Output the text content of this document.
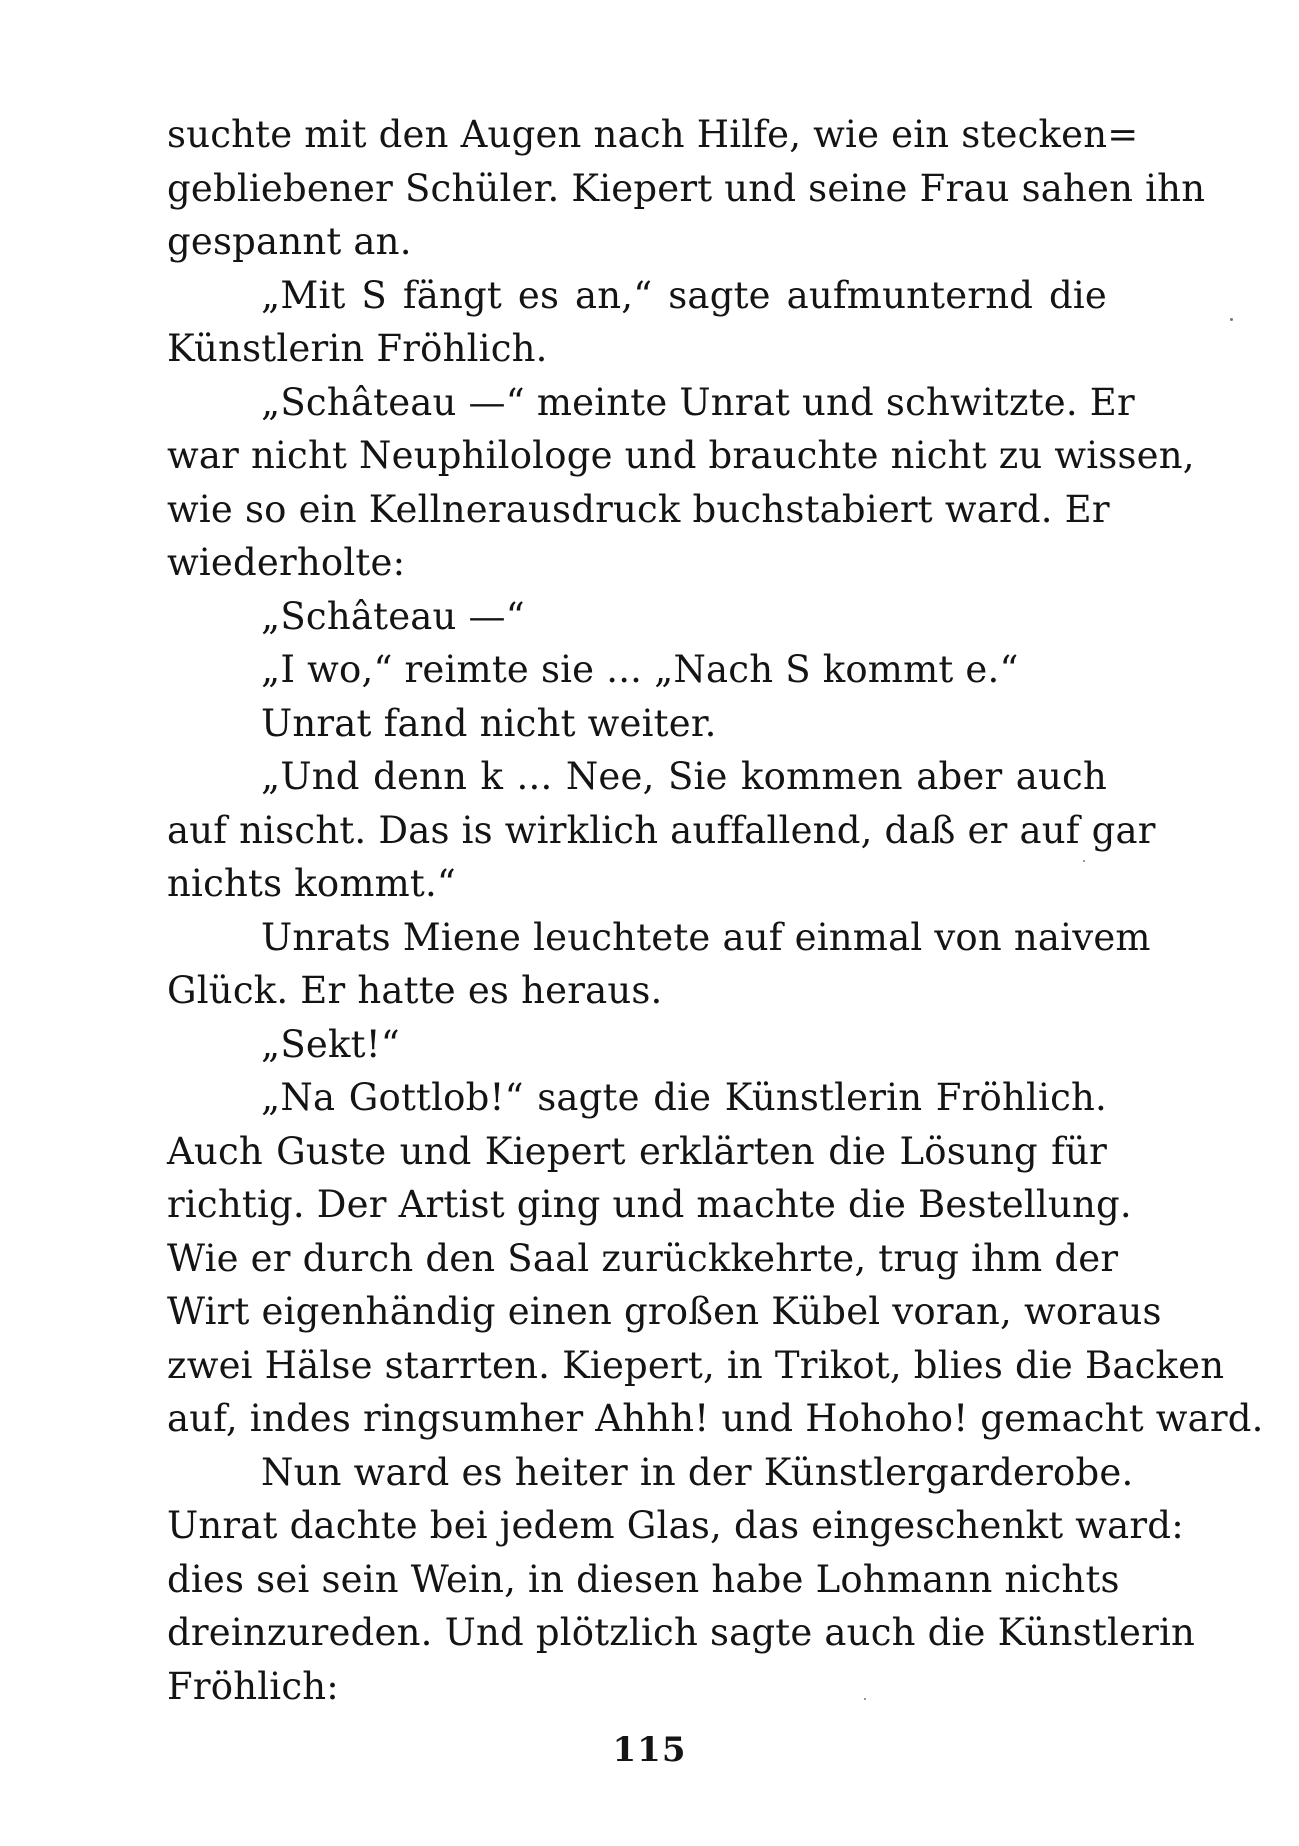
suchte mit den Augen nach Hilfe, wie ein stecken=
gebliebener Schüler. Kiepert und seine Frau sahen ihn
gespannt an.
„Mit S fängt es an,“ sagte aufmunternd die
Künstlerin Fröhlich.
„Schâteau —“ meinte Unrat und schwitzte. Er
war nicht Neuphilologe und brauchte nicht zu wissen,
wie so ein Kellnerausdruck buchstabiert ward. Er
wiederholte:
„Schâteau —“
„I wo,“ reimte sie ... „Nach S kommt e.“
Unrat fand nicht weiter.
„Und denn k ... Nee, Sie kommen aber auch
auf nischt. Das is wirklich auffallend, daß er auf gar
nichts kommt.“
Unrats Miene leuchtete auf einmal von naivem
Glück. Er hatte es heraus.
„Sekt!“
„Na Gottlob!“ sagte die Künstlerin Fröhlich.
Auch Guste und Kiepert erklärten die Lösung für
richtig. Der Artist ging und machte die Bestellung.
Wie er durch den Saal zurückkehrte, trug ihm der
Wirt eigenhändig einen großen Kübel voran, woraus
zwei Hälse starrten. Kiepert, in Trikot, blies die Backen
auf, indes ringsumher Ahhh! und Hohoho! gemacht ward.
Nun ward es heiter in der Künstlergarderobe.
Unrat dachte bei jedem Glas, das eingeschenkt ward:
dies sei sein Wein, in diesen habe Lohmann nichts
dreinzureden. Und plötzlich sagte auch die Künstlerin
Fröhlich:
115
